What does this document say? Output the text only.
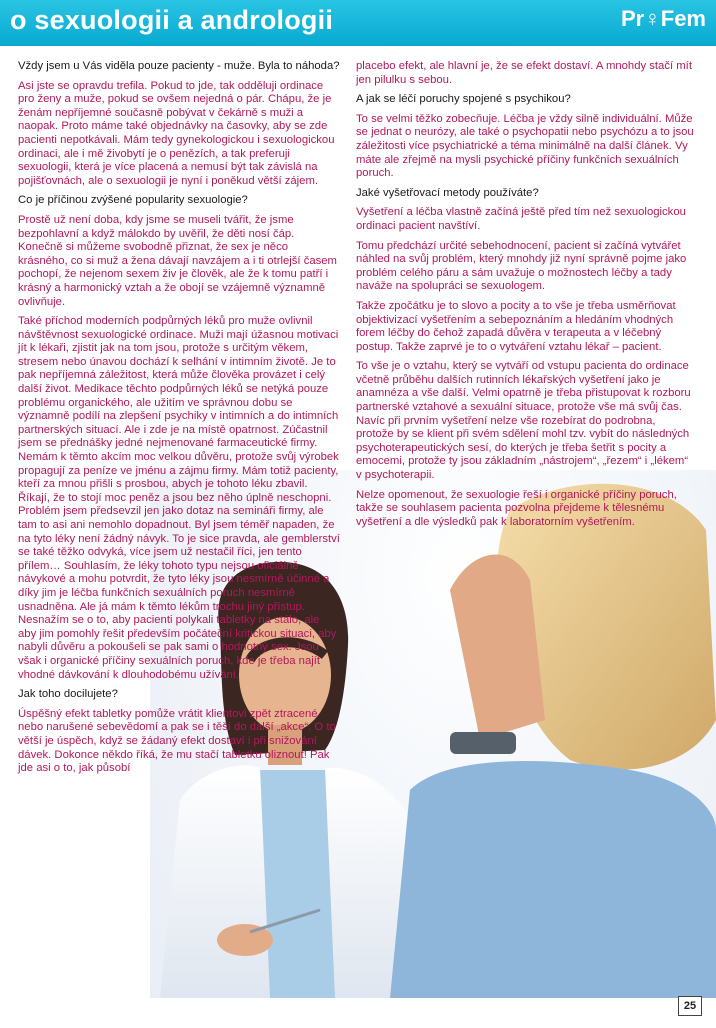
o sexuologii a andrologii	Pr♀Fem

Vždy jsem u Vás viděla pouze pacienty - muže. Byla to náhoda?

Asi jste se opravdu trefila. Pokud to jde, tak odděluji ordinace pro ženy a muže, pokud se ovšem nejedná o pár. Chápu, že je ženám nepříjemné současně pobývat v čekárně s muži a naopak. Proto máme také objednávky na časovky, aby se zde pacienti nepotkávali. Mám tedy gynekologickou i sexuologickou ordinaci, ale i mě živobytí je o penězích, a tak preferuji sexuologii, která je více placená a nemusí být tak závislá na pojišťovnách, ale o sexuologii je nyní i poněkud větší zájem.

Co je příčinou zvýšené popularity sexuologie?

Prostě už není doba, kdy jsme se museli tvářit, že jsme bezpohlavní a když málokdo by uvěřil, že děti nosí čáp. Konečně si můžeme svobodně přiznat, že sex je něco krásného, co si muž a žena dávají navzájem a i ti otrlejší časem pochopí, že nejenom sexem živ je člověk, ale že k tomu patří i krásný a harmonický vztah a že obojí se vzájemně významně ovlivňuje.

Také příchod moderních podpůrných léků pro muže ovlivnil návštěvnost sexuologické ordinace. Muži mají úžasnou motivaci jít k lékaři, zjistit jak na tom jsou, protože s určitým věkem, stresem nebo únavou dochází k selhání v intimním životě. Je to pak nepříjemná záležitost, která může člověka provázet i celý další život. Medikace těchto podpůrných léků se netýká pouze problému organického, ale užitím ve správnou dobu se významně podílí na zlepšení psychiky v intimních a do intimních partnerských situací. Ale i zde je na místě opatrnost. Zúčastnil jsem se přednášky jedné nejmenované farmaceutické firmy. Nemám k těmto akcím moc velkou důvěru, protože svůj výrobek propagují za peníze ve jménu a zájmu firmy. Mám totiž pacienty, kteří za mnou přišli s prosbou, abych je tohoto léku zbavil. Říkají, že to stojí moc peněz a jsou bez něho úplně neschopni. Problém jsem předsevzil jen jako dotaz na semináři firmy, ale tam to asi ani nemohlo dopadnout. Byl jsem téměř napaden, že na tyto léky není žádný návyk. To je sice pravda, ale gemblerství se také těžko odvyká, více jsem už nestačil říci, jen tento přílem… Souhlasím, že léky tohoto typu nejsou oficiálně návykové a mohu potvrdit, že tyto léky jsou nesmírně účinné a díky jim je léčba funkčních sexuálních poruch nesmírně usnadněna. Ale já mám k těmto lékům trochu jiný přístup. Nesnažím se o to, aby pacienti polykali tabletky na stálo, ale aby jim pomohly řešit především počáteční kritickou situaci, aby nabyli důvěru a pokoušeli se pak sami o hodnotný sex. Jsou však i organické příčiny sexuálních poruch, kde je třeba najít vhodné dávkování k dlouhodobému užívání.

Jak toho docilujete?

Úspěšný efekt tabletky pomůže vrátit klientovi zpět ztracené nebo narušené sebevědomí a pak se i těší do další „akce“. O to větší je úspěch, když se žádaný efekt dostaví i při snižování dávek. Dokonce někdo říká, že mu stačí tabletku oliznout! Pak jde asi o to, jak působí

placebo efekt, ale hlavní je, že se efekt dostaví. A mnohdy stačí mít jen pilulku s sebou.

A jak se léčí poruchy spojené s psychikou?

To se velmi těžko zobecňuje. Léčba je vždy silně individuální. Může se jednat o neurózy, ale také o psychopatii nebo psychózu a to jsou záležitosti více psychiatrické a téma minimálně na další článek. Vy máte ale zřejmě na mysli psychické příčiny funkčních sexuálních poruch.

Jaké vyšetřovací metody používáte?

Vyšetření a léčba vlastně začíná ještě před tím než sexuologickou ordinaci pacient navštíví.

Tomu předchází určité sebehodnocení, pacient si začíná vytvářet náhled na svůj problém, který mnohdy již nyní správně pojme jako problém celého páru a sám uvažuje o možnostech léčby a tady naváže na spolupráci se sexuologem.

Takže zpočátku je to slovo a pocity a to vše je třeba usměrňovat objektivizací vyšetřením a sebepoznáním a hledáním vhodných forem léčby do čehož zapadá důvěra v terapeuta a v léčebný postup. Takže zaprvé je to o vytváření vztahu lékař – pacient.

To vše je o vztahu, který se vytváří od vstupu pacienta do ordinace včetně průběhu dalších rutinních lékařských vyšetření jako je anamnéza a vše další. Velmi opatrně je třeba přistupovat k rozboru partnerské vztahové a sexuální situace, protože vše má svůj čas. Navíc při prvním vyšetření nelze vše rozebírat do podrobna, protože by se klient při svém sdělení mohl tzv. vybít do následných psychoterapeutických sesí, do kterých je třeba šetřit s pocity a emocemi, protože ty jsou základním „nástrojem“, „řezem“ i „lékem“ v psychoterapii.

Nelze opomenout, že sexuologie řeší i organické příčiny poruch, takže se souhlasem pacienta pozvolna přejdeme k tělesnému vyšetření a dle výsledků pak k laboratorním vyšetřením.

25
